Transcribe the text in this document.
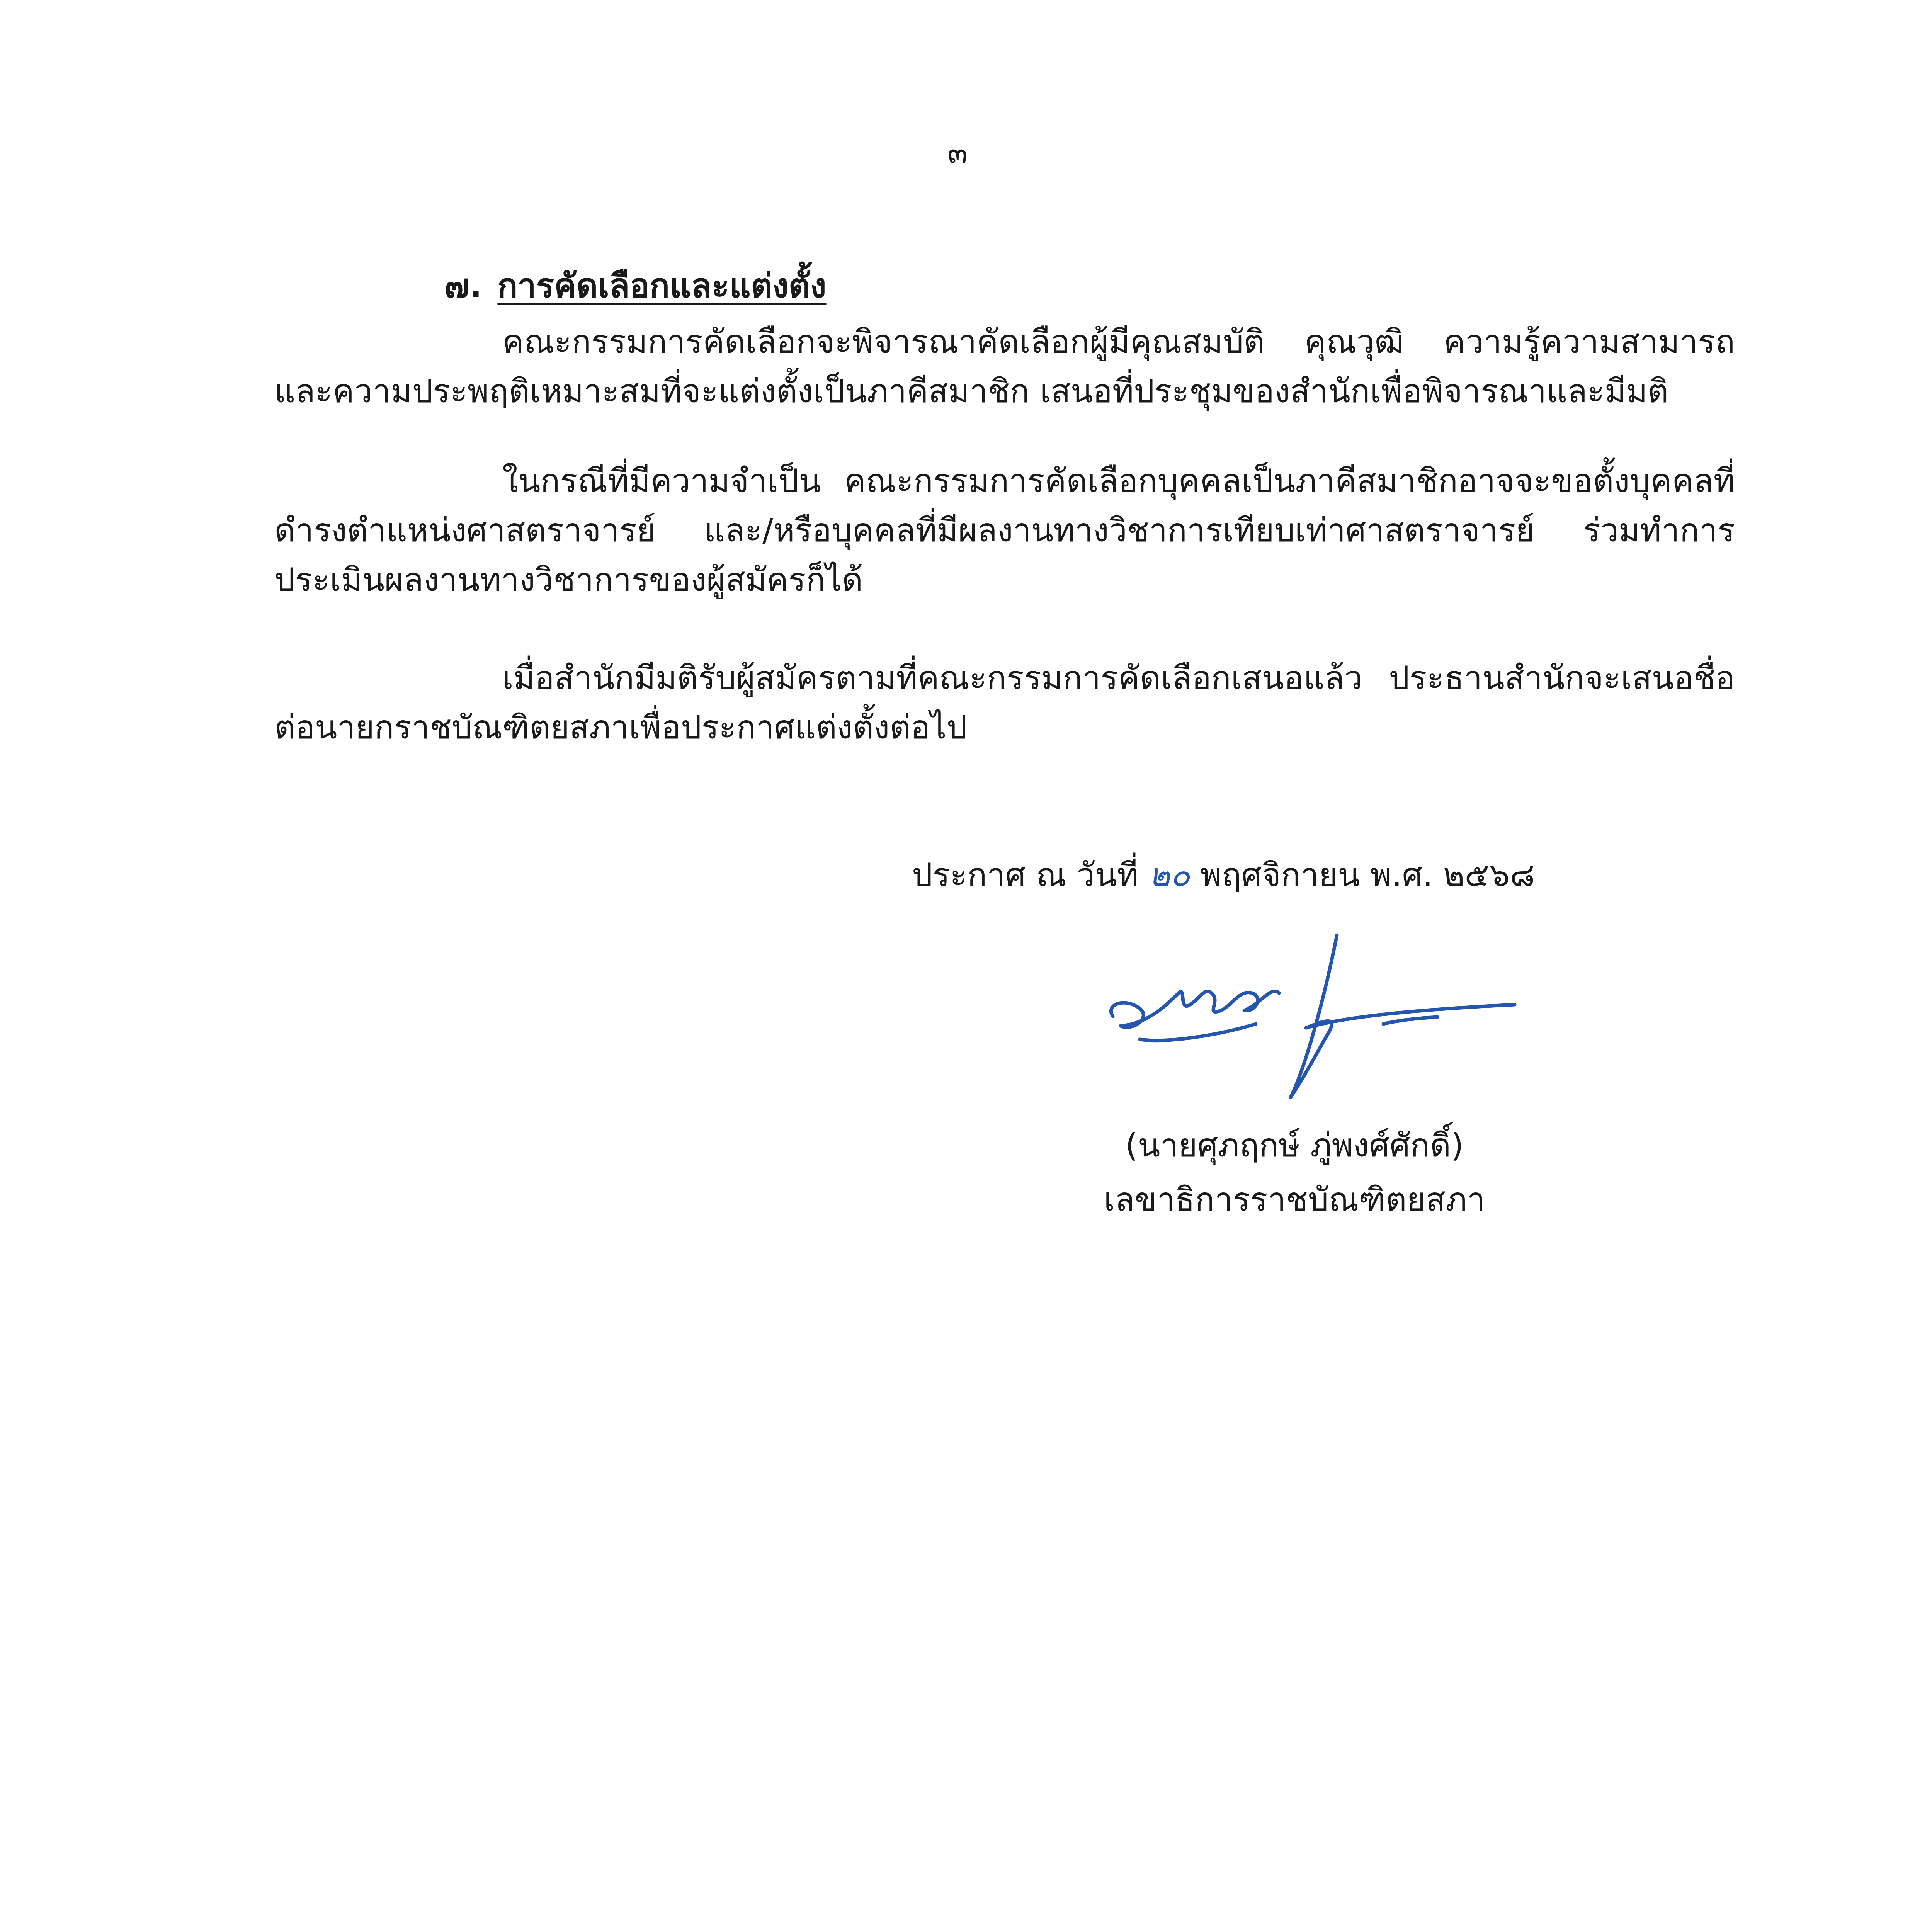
๓
๗. การคัดเลือกและแต่งตั้ง

คณะกรรมการคัดเลือกจะพิจารณาคัดเลือกผู้มีคุณสมบัติ คุณวุฒิ ความรู้ความสามารถ และความประพฤติเหมาะสมที่จะแต่งตั้งเป็นภาคีสมาชิก เสนอที่ประชุมของสำนักเพื่อพิจารณาและมีมติ

ในกรณีที่มีความจำเป็น คณะกรรมการคัดเลือกบุคคลเป็นภาคีสมาชิกอาจจะขอตั้งบุคคลที่ดำรงตำแหน่งศาสตราจารย์ และ/หรือบุคคลที่มีผลงานทางวิชาการเทียบเท่าศาสตราจารย์ ร่วมทำการประเมินผลงานทางวิชาการของผู้สมัครก็ได้

เมื่อสำนักมีมติรับผู้สมัครตามที่คณะกรรมการคัดเลือกเสนอแล้ว ประธานสำนักจะเสนอชื่อต่อนายกราชบัณฑิตยสภาเพื่อประกาศแต่งตั้งต่อไป

ประกาศ ณ วันที่ ๒๐ พฤศจิกายน พ.ศ. ๒๕๖๘
(นายศุภฤกษ์ ภู่พงศ์ศักดิ์)
เลขาธิการราชบัณฑิตยสภา
